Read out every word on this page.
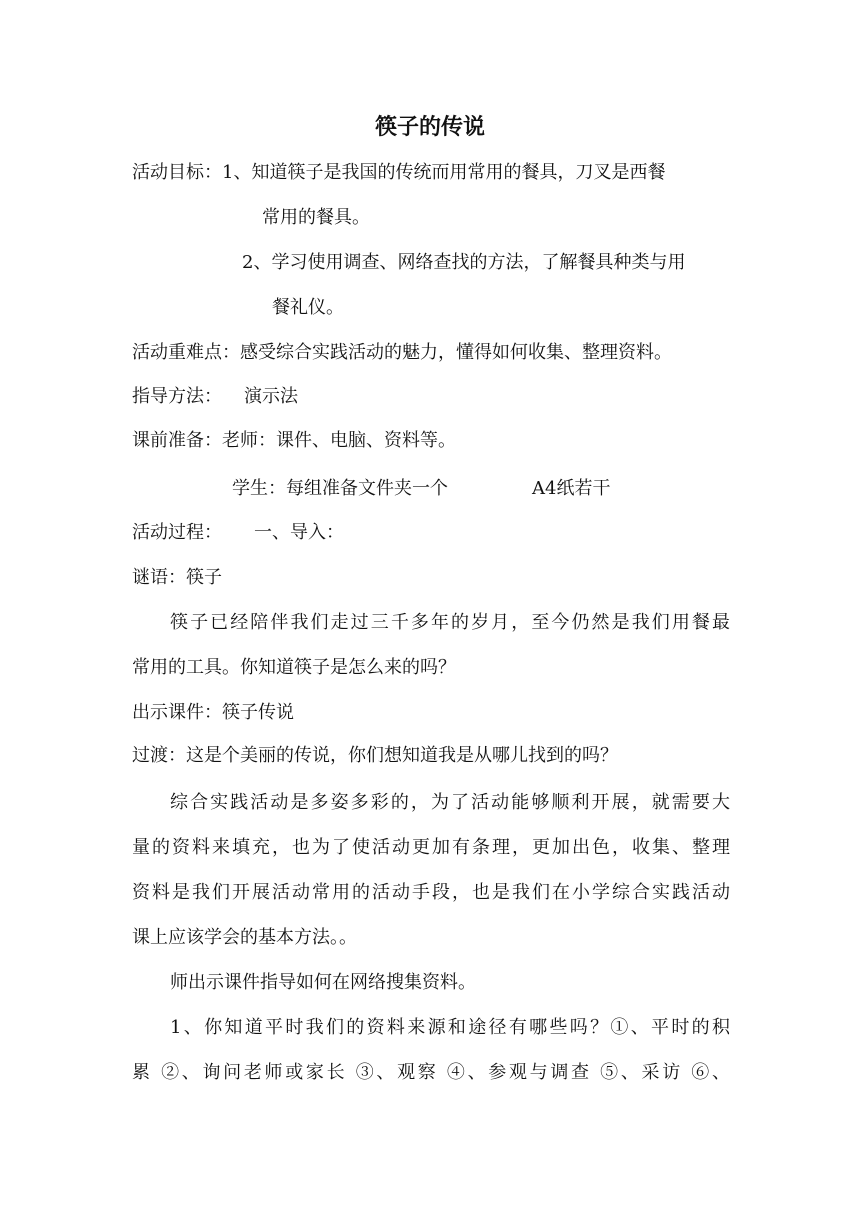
筷子的传说
活动目标：1、知道筷子是我国的传统而用常用的餐具，刀叉是西餐
常用的餐具。
2、学习使用调查、网络查找的方法，了解餐具种类与用
餐礼仪。
活动重难点：感受综合实践活动的魅力，懂得如何收集、整理资料。
指导方法： 演示法
课前准备：老师：课件、电脑、资料等。
学生：每组准备文件夹一个	A4纸若干
活动过程： 一、导入：
谜语：筷子
筷子已经陪伴我们走过三千多年的岁月，至今仍然是我们用餐最
常用的工具。你知道筷子是怎么来的吗？
出示课件：筷子传说
过渡：这是个美丽的传说，你们想知道我是从哪儿找到的吗？
综合实践活动是多姿多彩的，为了活动能够顺利开展，就需要大
量的资料来填充，也为了使活动更加有条理，更加出色，收集、整理
资料是我们开展活动常用的活动手段，也是我们在小学综合实践活动
课上应该学会的基本方法。。
师出示课件指导如何在网络搜集资料。
1、你知道平时我们的资料来源和途径有哪些吗？①、平时的积
累 ②、询问老师或家长 ③、观察 ④、参观与调查 ⑤、采访 ⑥、
